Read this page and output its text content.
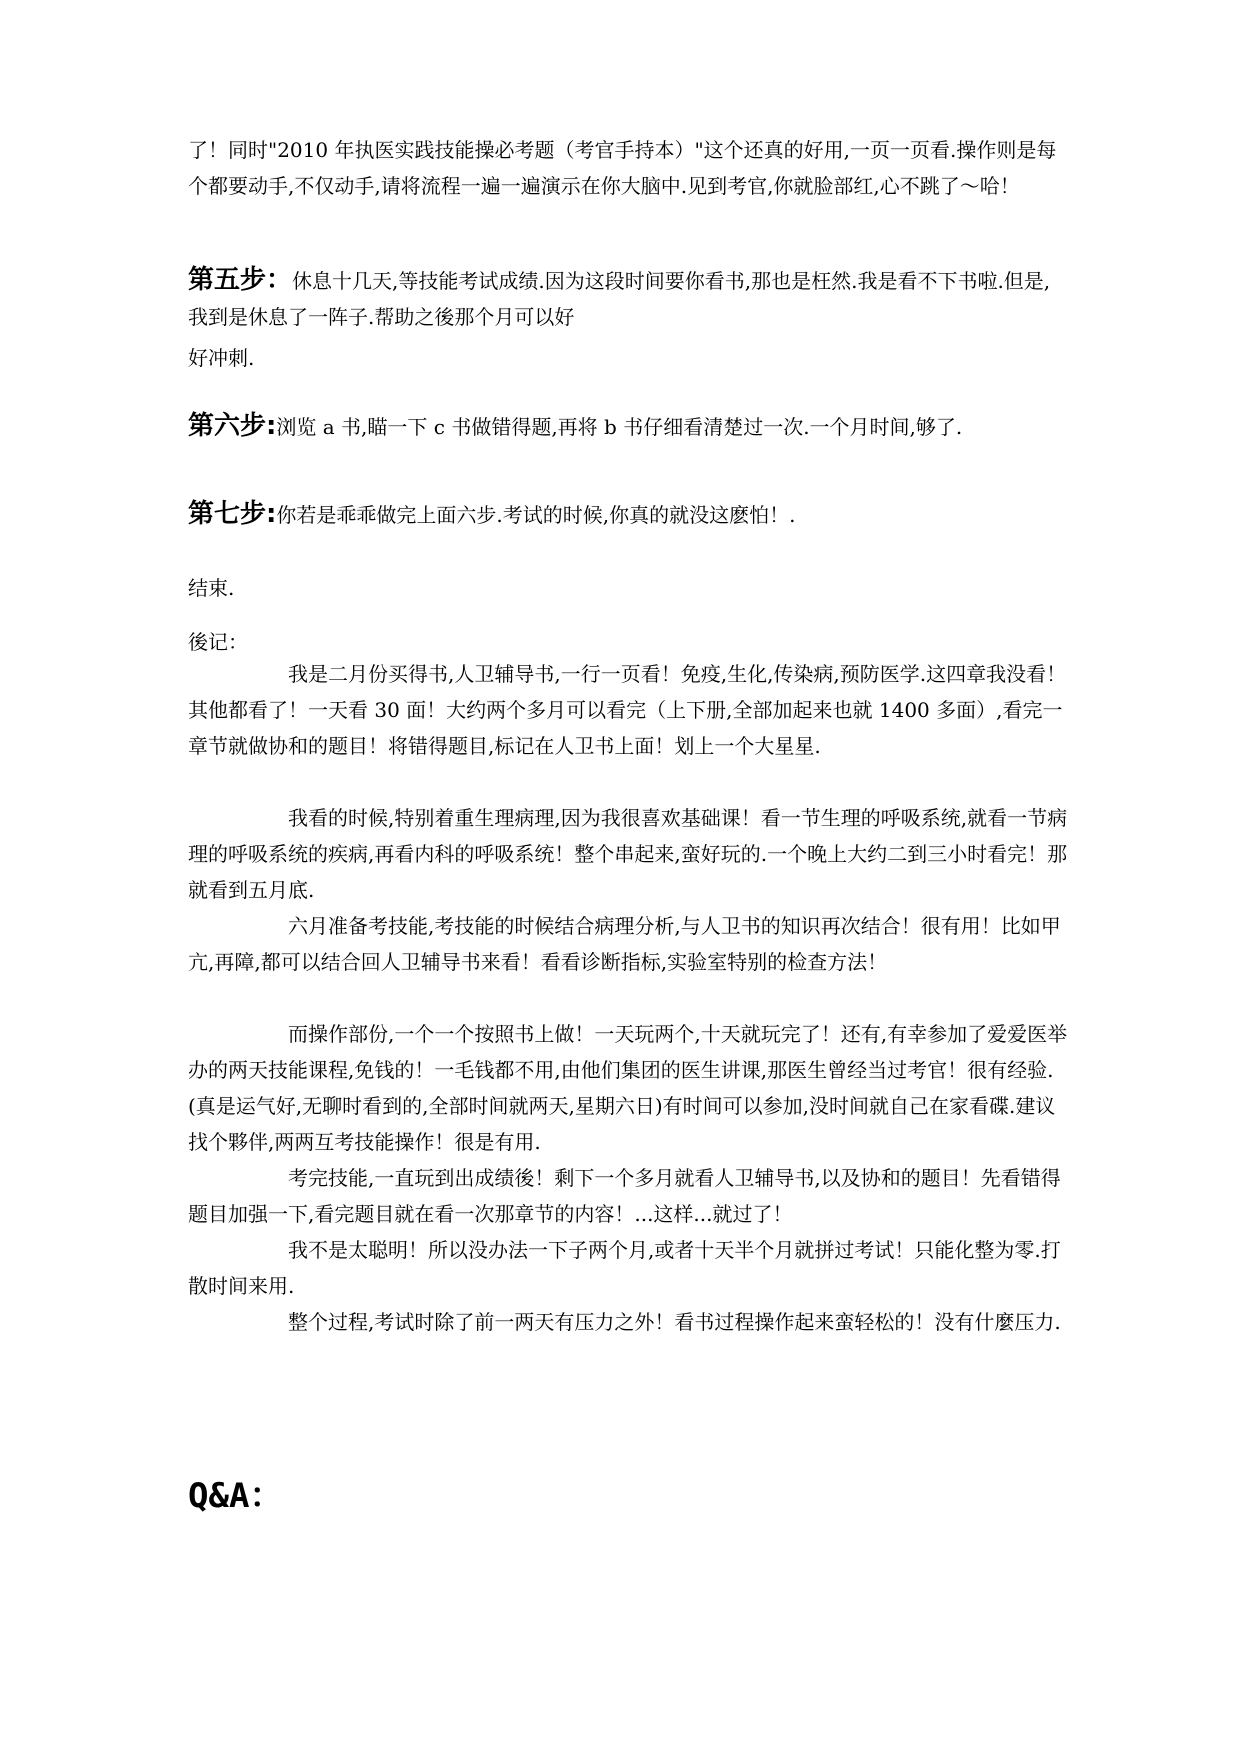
了！同时"2010 年执医实践技能操必考题（考官手持本）"这个还真的好用,一页一页看.操作则是每个都要动手,不仅动手,请将流程一遍一遍演示在你大脑中.见到考官,你就脸部红,心不跳了～哈！

第五步：休息十几天,等技能考试成绩.因为这段时间要你看书,那也是枉然.我是看不下书啦.但是,我到是休息了一阵子.帮助之後那个月可以好

好冲刺.

第六步:浏览 a 书,瞄一下 c 书做错得题,再将 b 书仔细看清楚过一次.一个月时间,够了.

第七步:你若是乖乖做完上面六步.考试的时候,你真的就没这麽怕！.

结束.

後记：

我是二月份买得书,人卫辅导书,一行一页看！免疫,生化,传染病,预防医学.这四章我没看！其他都看了！一天看 30 面！大约两个多月可以看完（上下册,全部加起来也就 1400 多面）,看完一章节就做协和的题目！将错得题目,标记在人卫书上面！划上一个大星星.

我看的时候,特别着重生理病理,因为我很喜欢基础课！看一节生理的呼吸系统,就看一节病理的呼吸系统的疾病,再看内科的呼吸系统！整个串起来,蛮好玩的.一个晚上大约二到三小时看完！那就看到五月底.

六月准备考技能,考技能的时候结合病理分析,与人卫书的知识再次结合！很有用！比如甲亢,再障,都可以结合回人卫辅导书来看！看看诊断指标,实验室特别的检查方法！

而操作部份,一个一个按照书上做！一天玩两个,十天就玩完了！还有,有幸参加了爱爱医举办的两天技能课程,免钱的！一毛钱都不用,由他们集团的医生讲课,那医生曾经当过考官！很有经验.(真是运气好,无聊时看到的,全部时间就两天,星期六日)有时间可以参加,没时间就自己在家看碟.建议找个夥伴,两两互考技能操作！很是有用.

考完技能,一直玩到出成绩後！剩下一个多月就看人卫辅导书,以及协和的题目！先看错得题目加强一下,看完题目就在看一次那章节的内容！...这样...就过了！

我不是太聪明！所以没办法一下子两个月,或者十天半个月就拼过考试！只能化整为零.打散时间来用.

整个过程,考试时除了前一两天有压力之外！看书过程操作起来蛮轻松的！没有什麼压力.

Q&A：
